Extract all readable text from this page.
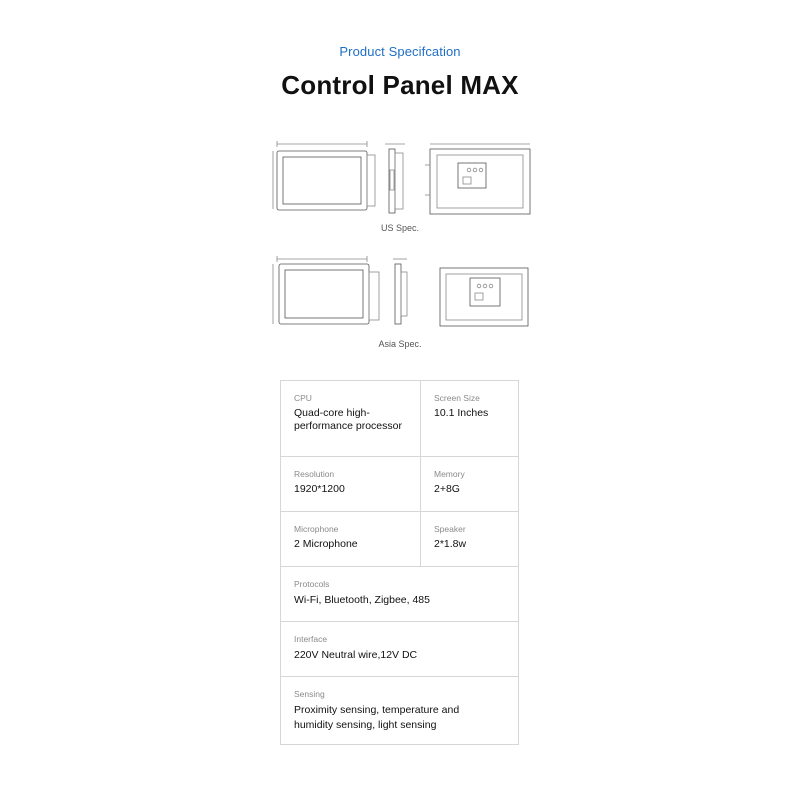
Product Specifcation
Control Panel MAX
US Spec.
Asia Spec.
CPU
Quad-core high-performance processor
Screen Size
10.1 Inches
Resolution
1920*1200
Memory
2+8G
Microphone
2 Microphone
Speaker
2*1.8w
Protocols
Wi-Fi, Bluetooth, Zigbee, 485
Interface
220V Neutral wire,12V DC
Sensing
Proximity sensing, temperature and humidity sensing, light sensing
